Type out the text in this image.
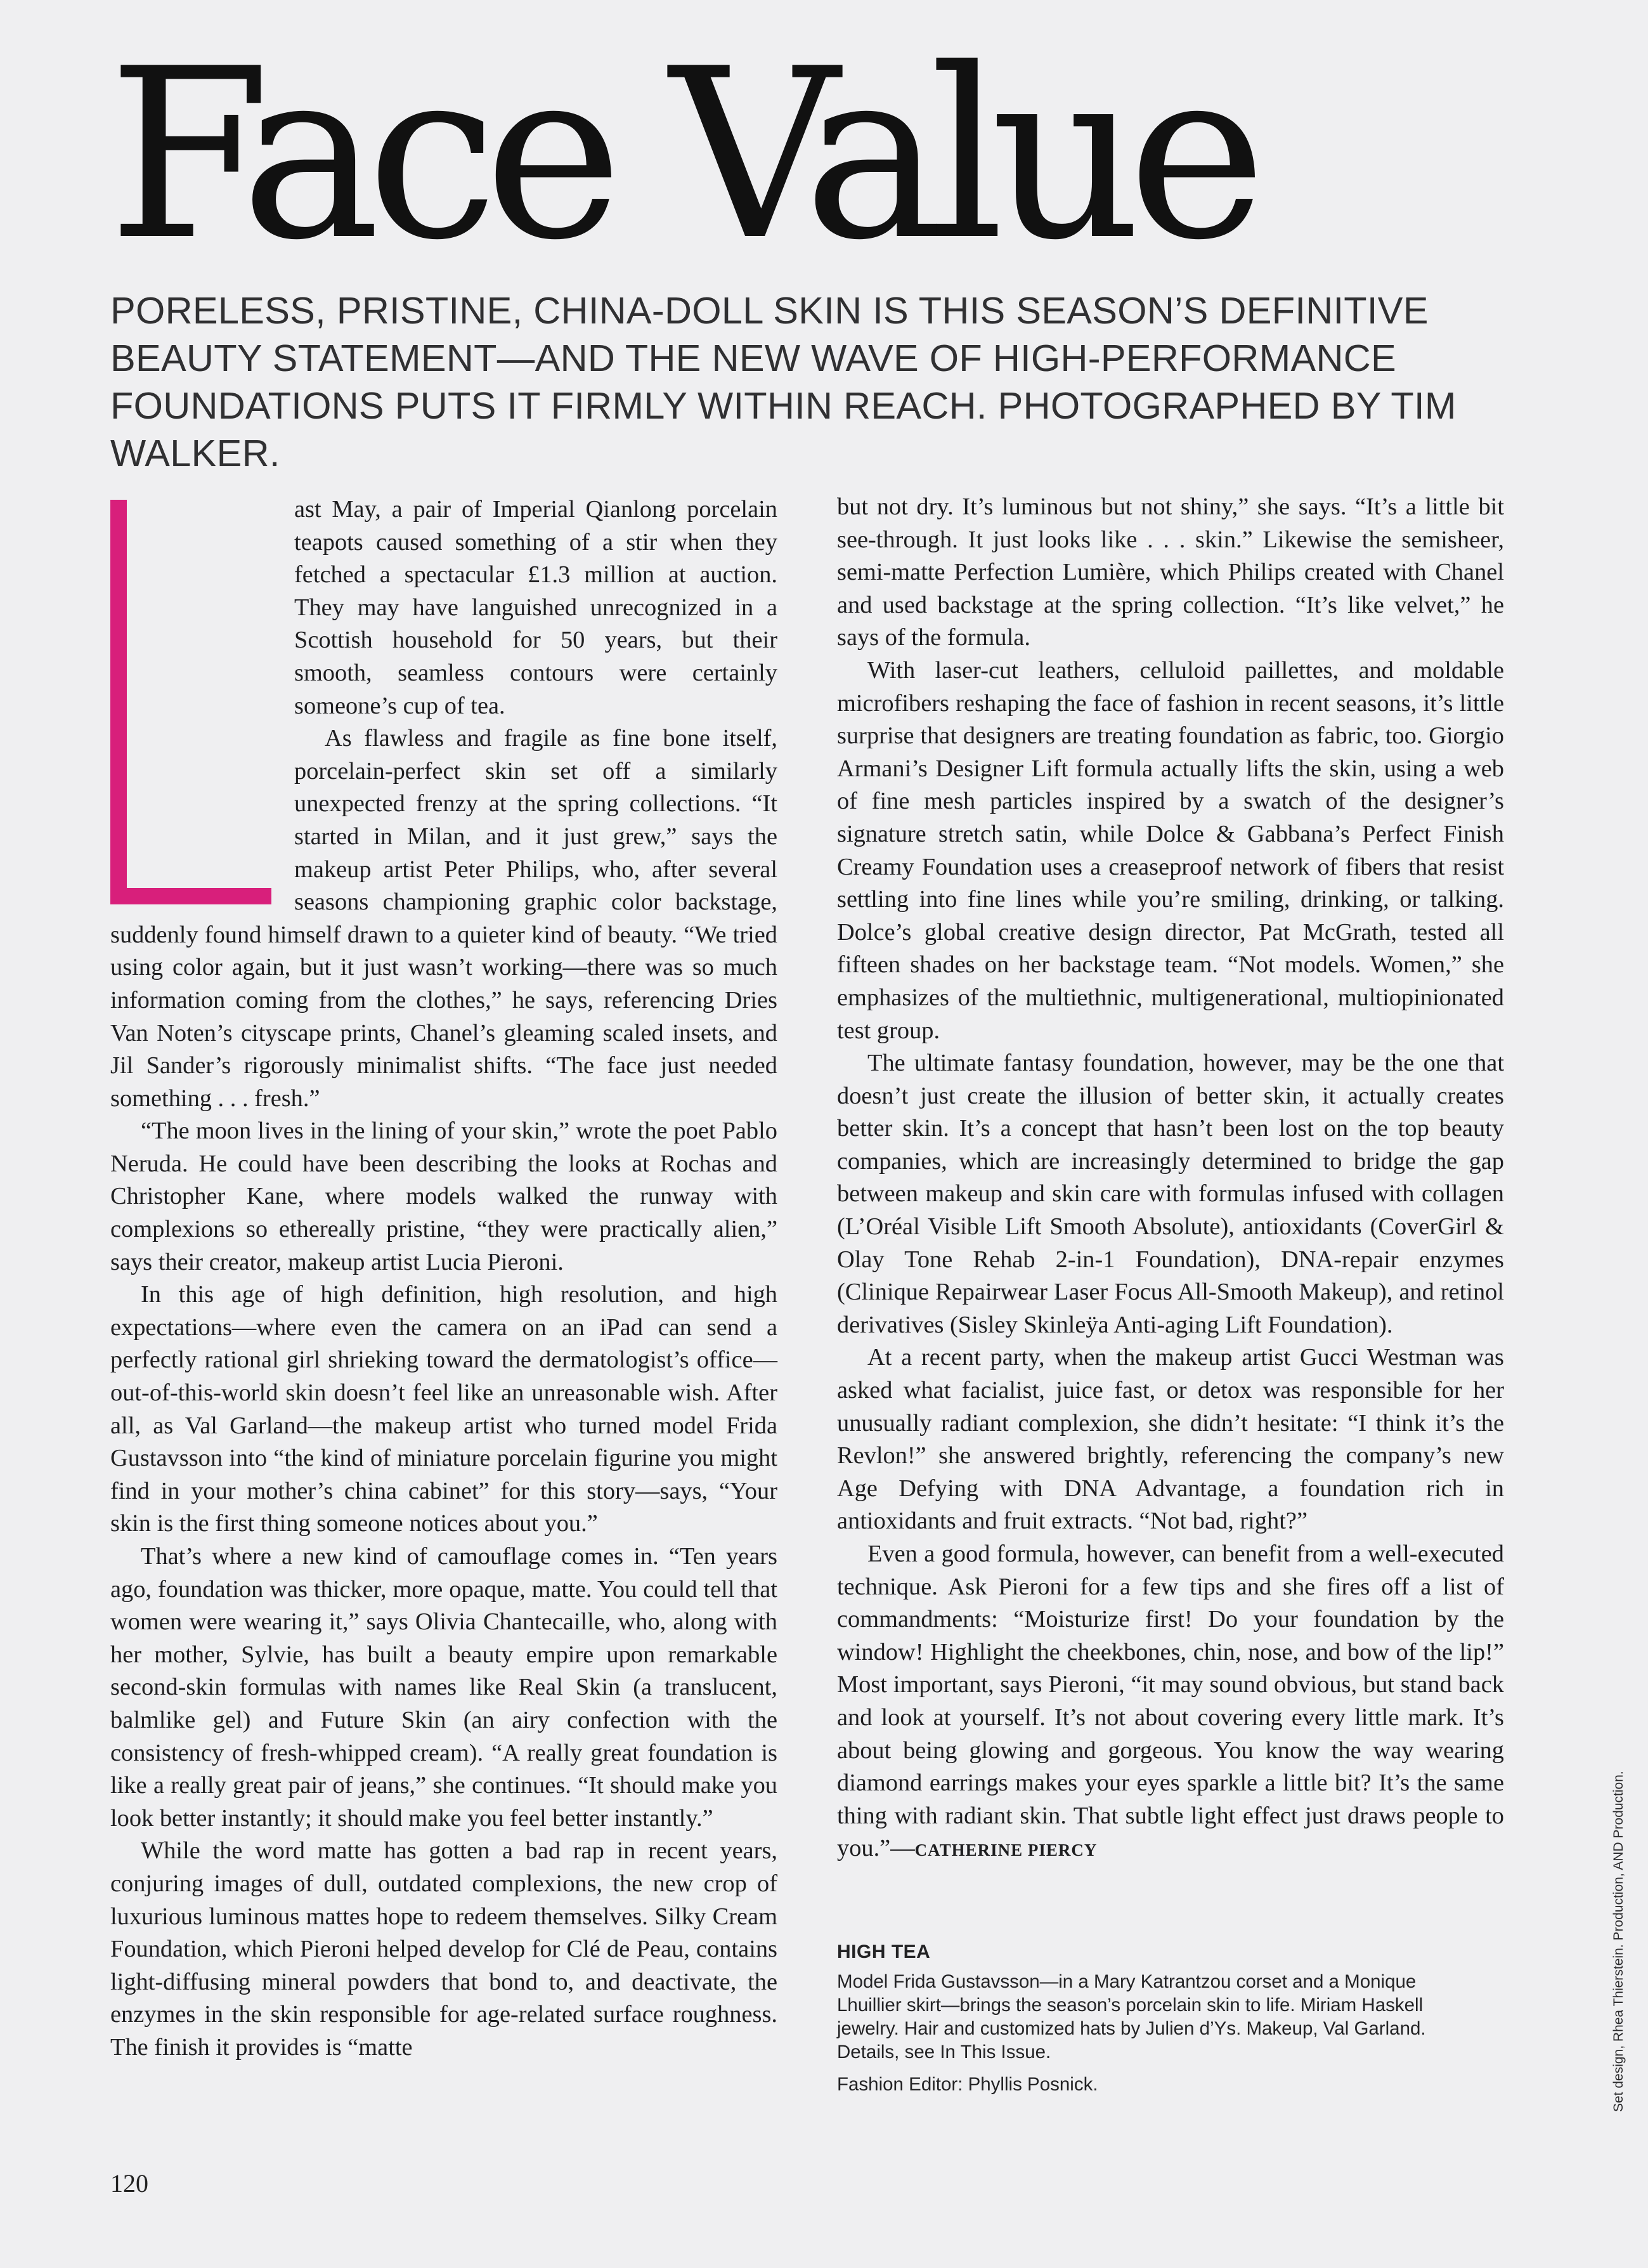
Face Value

PORELESS, PRISTINE, CHINA-DOLL SKIN IS THIS SEASON’S DEFINITIVE BEAUTY STATEMENT—AND THE NEW WAVE OF HIGH-PERFORMANCE FOUNDATIONS PUTS IT FIRMLY WITHIN REACH. PHOTOGRAPHED BY TIM WALKER.

ast May, a pair of Imperial Qianlong porcelain teapots caused something of a stir when they fetched a spectacular £1.3 million at auction. They may have languished unrecognized in a Scottish household for 50 years, but their smooth, seamless contours were certainly someone’s cup of tea.

As flawless and fragile as fine bone itself, porcelain-perfect skin set off a similarly unexpected frenzy at the spring collections. “It started in Milan, and it just grew,” says the makeup artist Peter Philips, who, after several seasons championing graphic color backstage, suddenly found himself drawn to a quieter kind of beauty. “We tried using color again, but it just wasn’t working—there was so much information coming from the clothes,” he says, referencing Dries Van Noten’s cityscape prints, Chanel’s gleaming scaled insets, and Jil Sander’s rigorously minimalist shifts. “The face just needed something . . . fresh.”

“The moon lives in the lining of your skin,” wrote the poet Pablo Neruda. He could have been describing the looks at Rochas and Christopher Kane, where models walked the runway with complexions so ethereally pristine, “they were practically alien,” says their creator, makeup artist Lucia Pieroni.

In this age of high definition, high resolution, and high expectations—where even the camera on an iPad can send a perfectly rational girl shrieking toward the dermatologist’s office—out-of-this-world skin doesn’t feel like an unreasonable wish. After all, as Val Garland—the makeup artist who turned model Frida Gustavsson into “the kind of miniature porcelain figurine you might find in your mother’s china cabinet” for this story—says, “Your skin is the first thing someone notices about you.”

That’s where a new kind of camouflage comes in. “Ten years ago, foundation was thicker, more opaque, matte. You could tell that women were wearing it,” says Olivia Chantecaille, who, along with her mother, Sylvie, has built a beauty empire upon remarkable second-skin formulas with names like Real Skin (a translucent, balmlike gel) and Future Skin (an airy confection with the consistency of fresh-whipped cream). “A really great foundation is like a really great pair of jeans,” she continues. “It should make you look better instantly; it should make you feel better instantly.”

While the word matte has gotten a bad rap in recent years, conjuring images of dull, outdated complexions, the new crop of luxurious luminous mattes hope to redeem themselves. Silky Cream Foundation, which Pieroni helped develop for Clé de Peau, contains light-diffusing mineral powders that bond to, and deactivate, the enzymes in the skin responsible for age-related surface roughness. The finish it provides is “matte

but not dry. It’s luminous but not shiny,” she says. “It’s a little bit see-through. It just looks like . . . skin.” Likewise the semisheer, semi-matte Perfection Lumière, which Philips created with Chanel and used backstage at the spring collection. “It’s like velvet,” he says of the formula.

With laser-cut leathers, celluloid paillettes, and moldable microfibers reshaping the face of fashion in recent seasons, it’s little surprise that designers are treating foundation as fabric, too. Giorgio Armani’s Designer Lift formula actually lifts the skin, using a web of fine mesh particles inspired by a swatch of the designer’s signature stretch satin, while Dolce & Gabbana’s Perfect Finish Creamy Foundation uses a creaseproof network of fibers that resist settling into fine lines while you’re smiling, drinking, or talking. Dolce’s global creative design director, Pat McGrath, tested all fifteen shades on her backstage team. “Not models. Women,” she emphasizes of the multiethnic, multigenerational, multiopinionated test group.

The ultimate fantasy foundation, however, may be the one that doesn’t just create the illusion of better skin, it actually creates better skin. It’s a concept that hasn’t been lost on the top beauty companies, which are increasingly determined to bridge the gap between makeup and skin care with formulas infused with collagen (L’Oréal Visible Lift Smooth Absolute), antioxidants (CoverGirl & Olay Tone Rehab 2-in-1 Foundation), DNA-repair enzymes (Clinique Repairwear Laser Focus All-Smooth Makeup), and retinol derivatives (Sisley Skinleÿa Anti-aging Lift Foundation).

At a recent party, when the makeup artist Gucci Westman was asked what facialist, juice fast, or detox was responsible for her unusually radiant complexion, she didn’t hesitate: “I think it’s the Revlon!” she answered brightly, referencing the company’s new Age Defying with DNA Advantage, a foundation rich in antioxidants and fruit extracts. “Not bad, right?”

Even a good formula, however, can benefit from a well-executed technique. Ask Pieroni for a few tips and she fires off a list of commandments: “Moisturize first! Do your foundation by the window! Highlight the cheekbones, chin, nose, and bow of the lip!” Most important, says Pieroni, “it may sound obvious, but stand back and look at yourself. It’s not about covering every little mark. It’s about being glowing and gorgeous. You know the way wearing diamond earrings makes your eyes sparkle a little bit? It’s the same thing with radiant skin. That subtle light effect just draws people to you.”—CATHERINE PIERCY

HIGH TEA

Model Frida Gustavsson—in a Mary Katrantzou corset and a Monique Lhuillier skirt—brings the season’s porcelain skin to life. Miriam Haskell jewelry. Hair and customized hats by Julien d’Ys. Makeup, Val Garland. Details, see In This Issue.

Fashion Editor: Phyllis Posnick.

120
Set design, Rhea Thierstein. Production, AND Production.
